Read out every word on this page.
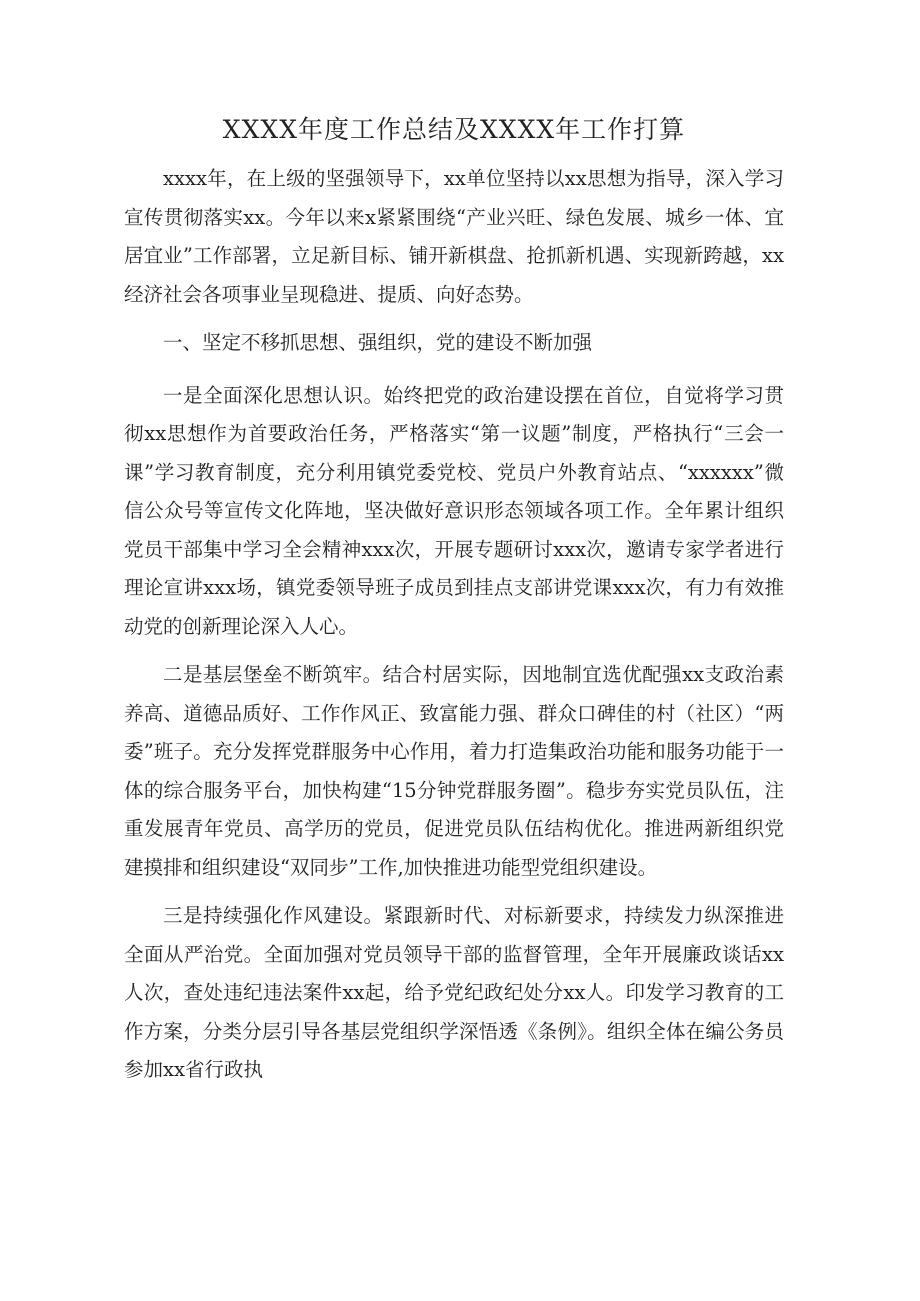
XXXX年度工作总结及XXXX年工作打算

xxxx年，在上级的坚强领导下，xx单位坚持以xx思想为指导，深入学习宣传贯彻落实xx。今年以来x紧紧围绕“产业兴旺、绿色发展、城乡一体、宜居宜业”工作部署，立足新目标、铺开新棋盘、抢抓新机遇、实现新跨越，xx经济社会各项事业呈现稳进、提质、向好态势。

一、坚定不移抓思想、强组织，党的建设不断加强

一是全面深化思想认识。始终把党的政治建设摆在首位，自觉将学习贯彻xx思想作为首要政治任务，严格落实“第一议题”制度，严格执行“三会一课”学习教育制度，充分利用镇党委党校、党员户外教育站点、“xxxxxx”微信公众号等宣传文化阵地，坚决做好意识形态领域各项工作。全年累计组织党员干部集中学习全会精神xxx次，开展专题研讨xxx次，邀请专家学者进行理论宣讲xxx场，镇党委领导班子成员到挂点支部讲党课xxx次，有力有效推动党的创新理论深入人心。

二是基层堡垒不断筑牢。结合村居实际，因地制宜选优配强xx支政治素养高、道德品质好、工作作风正、致富能力强、群众口碑佳的村（社区）“两委”班子。充分发挥党群服务中心作用，着力打造集政治功能和服务功能于一体的综合服务平台，加快构建“15分钟党群服务圈”。稳步夯实党员队伍，注重发展青年党员、高学历的党员，促进党员队伍结构优化。推进两新组织党建摸排和组织建设“双同步”工作,加快推进功能型党组织建设。

三是持续强化作风建设。紧跟新时代、对标新要求，持续发力纵深推进全面从严治党。全面加强对党员领导干部的监督管理，全年开展廉政谈话xx人次，查处违纪违法案件xx起，给予党纪政纪处分xx人。印发学习教育的工作方案，分类分层引导各基层党组织学深悟透《条例》。组织全体在编公务员参加xx省行政执
